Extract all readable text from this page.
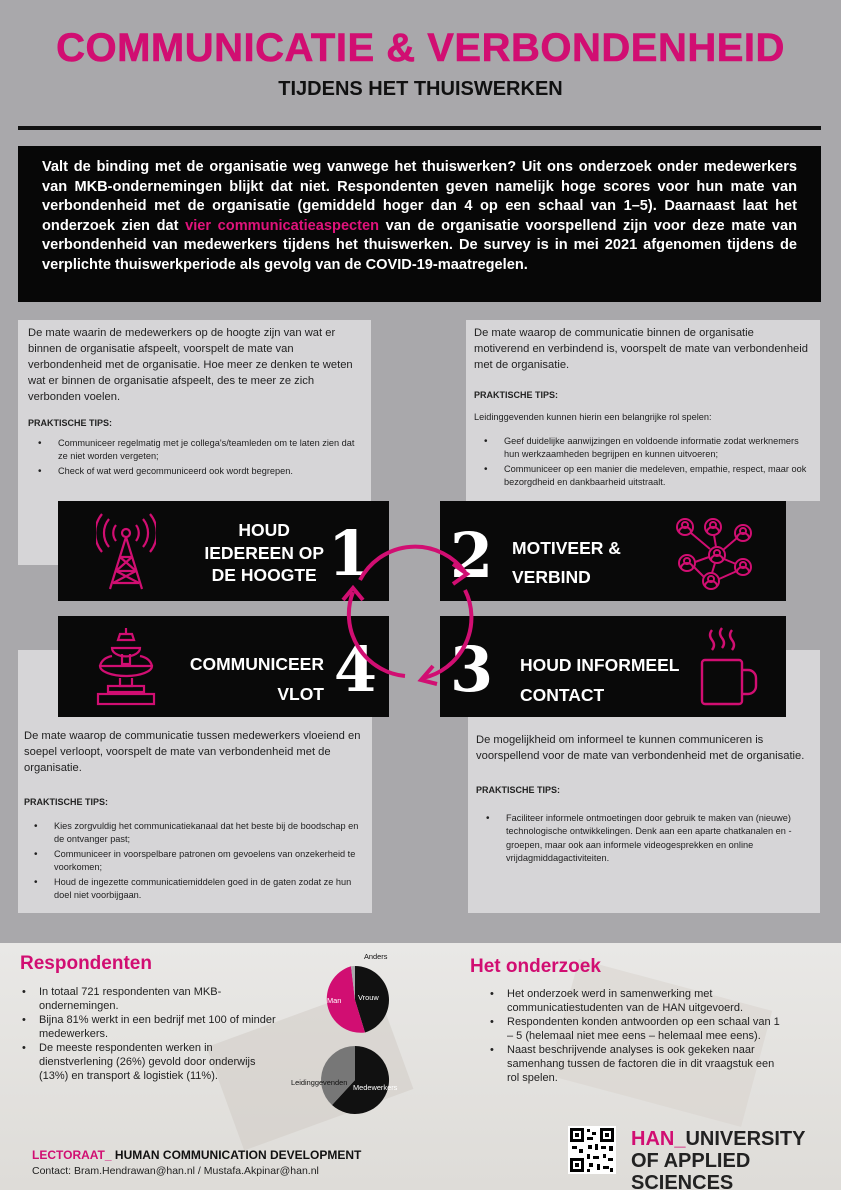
COMMUNICATIE & VERBONDENHEID
TIJDENS HET THUISWERKEN
Valt de binding met de organisatie weg vanwege het thuiswerken? Uit ons onderzoek onder medewerkers van MKB-ondernemingen blijkt dat niet. Respondenten geven namelijk hoge scores voor hun mate van verbondenheid met de organisatie (gemiddeld hoger dan 4 op een schaal van 1–5). Daarnaast laat het onderzoek zien dat vier communicatieaspecten van de organisatie voorspellend zijn voor deze mate van verbondenheid van medewerkers tijdens het thuiswerken. De survey is in mei 2021 afgenomen tijdens de verplichte thuiswerkperiode als gevolg van de COVID-19-maatregelen.

De mate waarin de medewerkers op de hoogte zijn van wat er binnen de organisatie afspeelt, voorspelt de mate van verbondenheid met de organisatie. Hoe meer ze denken te weten wat er binnen de organisatie afspeelt, des te meer ze zich verbonden voelen.

PRAKTISCHE TIPS:
• Communiceer regelmatig met je collega's/teamleden om te laten zien dat ze niet worden vergeten;
• Check of wat werd gecommuniceerd ook wordt begrepen.

De mate waarop de communicatie binnen de organisatie motiverend en verbindend is, voorspelt de mate van verbondenheid met de organisatie.

PRAKTISCHE TIPS:
Leidinggevenden kunnen hierin een belangrijke rol spelen:
• Geef duidelijke aanwijzingen en voldoende informatie zodat werknemers hun werkzaamheden begrijpen en kunnen uitvoeren;
• Communiceer op een manier die medeleven, empathie, respect, maar ook bezorgdheid en dankbaarheid uitstraalt.

De mate waarop de communicatie tussen medewerkers vloeiend en soepel verloopt, voorspelt de mate van verbondenheid met de organisatie.

PRAKTISCHE TIPS:
• Kies zorgvuldig het communicatiekanaal dat het beste bij de boodschap en de ontvanger past;
• Communiceer in voorspelbare patronen om gevoelens van onzekerheid te voorkomen;
• Houd de ingezette communicatiemiddelen goed in de gaten zodat ze hun doel niet voorbijgaan.

De mogelijkheid om informeel te kunnen communiceren is voorspellend voor de mate van verbondenheid met de organisatie.

PRAKTISCHE TIPS:
• Faciliteer informele ontmoetingen door gebruik te maken van (nieuwe) technologische ontwikkelingen. Denk aan een aparte chatkanalen en -groepen, maar ook aan informele videogesprekken en online vrijdagmiddagactiviteiten.
HOUD
IEDEREEN OP
DE HOOGTE 1 2 MOTIVEER &
VERBIND
3 HOUD INFORMEEL
CONTACT
COMMUNICEER
VLOT 4
Respondenten
• In totaal 721 respondenten van MKB-ondernemingen.
• Bijna 81% werkt in een bedrijf met 100 of minder medewerkers.
• De meeste respondenten werken in dienstverlening (26%) gevold door onderwijs (13%) en transport & logistiek (11%).
Anders
Man Vrouw
Leidinggevenden
Medewerkers
Het onderzoek
• Het onderzoek werd in samenwerking met communicatiestudenten van de HAN uitgevoerd.
• Respondenten konden antwoorden op een schaal van 1 – 5 (helemaal niet mee eens – helemaal mee eens).
• Naast beschrijvende analyses is ook gekeken naar samenhang tussen de factoren die in dit vraagstuk een rol spelen.
LECTORAAT_ HUMAN COMMUNICATION DEVELOPMENT
Contact: Bram.Hendrawan@han.nl / Mustafa.Akpinar@han.nl
HAN_UNIVERSITY
OF APPLIED SCIENCES
